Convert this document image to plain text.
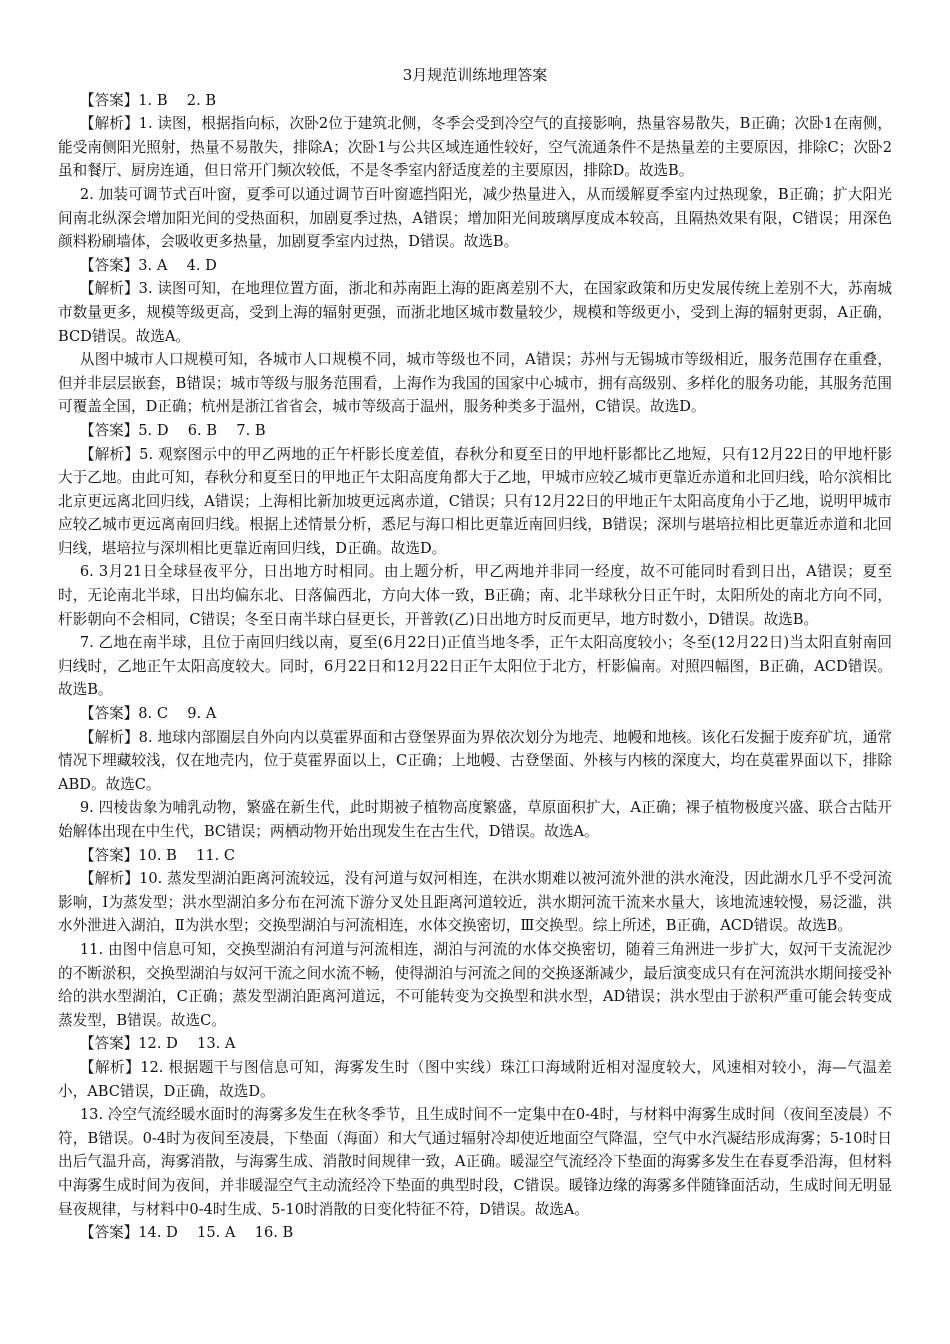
3月规范训练地理答案

【答案】1. B　 2. B

【解析】1. 读图，根据指向标，次卧2位于建筑北侧，冬季会受到冷空气的直接影响，热量容易散失，B正确；次卧1在南侧，能受南侧阳光照射，热量不易散失，排除A；次卧1与公共区域连通性较好，空气流通条件不是热量差的主要原因，排除C；次卧2虽和餐厅、厨房连通，但日常开门频次较低，不是冬季室内舒适度差的主要原因，排除D。故选B。

2. 加装可调节式百叶窗，夏季可以通过调节百叶窗遮挡阳光，减少热量进入，从而缓解夏季室内过热现象，B正确；扩大阳光间南北纵深会增加阳光间的受热面积，加剧夏季过热，A错误；增加阳光间玻璃厚度成本较高，且隔热效果有限，C错误；用深色颜料粉刷墙体，会吸收更多热量，加剧夏季室内过热，D错误。故选B。

【答案】3. A　 4. D

【解析】3. 读图可知，在地理位置方面，浙北和苏南距上海的距离差别不大，在国家政策和历史发展传统上差别不大，苏南城市数量更多，规模等级更高，受到上海的辐射更强，而浙北地区城市数量较少，规模和等级更小，受到上海的辐射更弱，A正确，BCD错误。故选A。

从图中城市人口规模可知，各城市人口规模不同，城市等级也不同，A错误；苏州与无锡城市等级相近，服务范围存在重叠，但并非层层嵌套，B错误；城市等级与服务范围看，上海作为我国的国家中心城市，拥有高级别、多样化的服务功能，其服务范围可覆盖全国，D正确；杭州是浙江省省会，城市等级高于温州，服务种类多于温州，C错误。故选D。

【答案】5. D　 6. B　 7. B

【解析】5. 观察图示中的甲乙两地的正午杆影长度差值，春秋分和夏至日的甲地杆影都比乙地短，只有12月22日的甲地杆影大于乙地。由此可知，春秋分和夏至日的甲地正午太阳高度角都大于乙地，甲城市应较乙城市更靠近赤道和北回归线，哈尔滨相比北京更远离北回归线，A错误；上海相比新加坡更远离赤道，C错误；只有12月22日的甲地正午太阳高度角小于乙地，说明甲城市应较乙城市更远离南回归线。根据上述情景分析，悉尼与海口相比更靠近南回归线，B错误；深圳与堪培拉相比更靠近赤道和北回归线，堪培拉与深圳相比更靠近南回归线，D正确。故选D。

6. 3月21日全球昼夜平分，日出地方时相同。由上题分析，甲乙两地并非同一经度，故不可能同时看到日出，A错误；夏至时，无论南北半球，日出均偏东北、日落偏西北，方向大体一致，B正确；南、北半球秋分日正午时，太阳所处的南北方向不同，杆影朝向不会相同，C错误；冬至日南半球白昼更长，开普敦(乙)日出地方时反而更早，地方时数小，D错误。故选B。

7. 乙地在南半球，且位于南回归线以南，夏至(6月22日)正值当地冬季，正午太阳高度较小；冬至(12月22日)当太阳直射南回归线时，乙地正午太阳高度较大。同时，6月22日和12月22日正午太阳位于北方，杆影偏南。对照四幅图，B正确，ACD错误。故选B。

【答案】8. C　 9. A

【解析】8. 地球内部圈层自外向内以莫霍界面和古登堡界面为界依次划分为地壳、地幔和地核。该化石发掘于废弃矿坑，通常情况下埋藏较浅，仅在地壳内，位于莫霍界面以上，C正确；上地幔、古登堡面、外核与内核的深度大，均在莫霍界面以下，排除ABD。故选C。

9. 四棱齿象为哺乳动物，繁盛在新生代，此时期被子植物高度繁盛，草原面积扩大，A正确；裸子植物极度兴盛、联合古陆开始解体出现在中生代，BC错误；两栖动物开始出现发生在古生代，D错误。故选A。

【答案】10. B　 11. C

【解析】10. 蒸发型湖泊距离河流较远，没有河道与奴河相连，在洪水期难以被河流外泄的洪水淹没，因此湖水几乎不受河流影响，Ⅰ为蒸发型；洪水型湖泊多分布在河流下游分叉处且距离河道较近，洪水期河流干流来水量大，该地流速较慢，易泛滥，洪水外泄进入湖泊，Ⅱ为洪水型；交换型湖泊与河流相连，水体交换密切，Ⅲ交换型。综上所述，B正确，ACD错误。故选B。

11. 由图中信息可知，交换型湖泊有河道与河流相连，湖泊与河流的水体交换密切，随着三角洲进一步扩大，奴河干支流泥沙的不断淤积，交换型湖泊与奴河干流之间水流不畅，使得湖泊与河流之间的交换逐渐减少，最后演变成只有在河流洪水期间接受补给的洪水型湖泊，C正确；蒸发型湖泊距离河道远，不可能转变为交换型和洪水型，AD错误；洪水型由于淤积严重可能会转变成蒸发型，B错误。故选C。

【答案】12. D　 13. A

【解析】12. 根据题干与图信息可知，海雾发生时（图中实线）珠江口海域附近相对湿度较大，风速相对较小，海—气温差小，ABC错误，D正确，故选D。

13. 冷空气流经暖水面时的海雾多发生在秋冬季节，且生成时间不一定集中在0-4时，与材料中海雾生成时间（夜间至凌晨）不符，B错误。0-4时为夜间至凌晨，下垫面（海面）和大气通过辐射冷却使近地面空气降温，空气中水汽凝结形成海雾；5-10时日出后气温升高，海雾消散，与海雾生成、消散时间规律一致，A正确。暖湿空气流经冷下垫面的海雾多发生在春夏季沿海，但材料中海雾生成时间为夜间，并非暖湿空气主动流经冷下垫面的典型时段，C错误。暖锋边缘的海雾多伴随锋面活动，生成时间无明显昼夜规律，与材料中0-4时生成、5-10时消散的日变化特征不符，D错误。故选A。

【答案】14. D　 15. A　 16. B
